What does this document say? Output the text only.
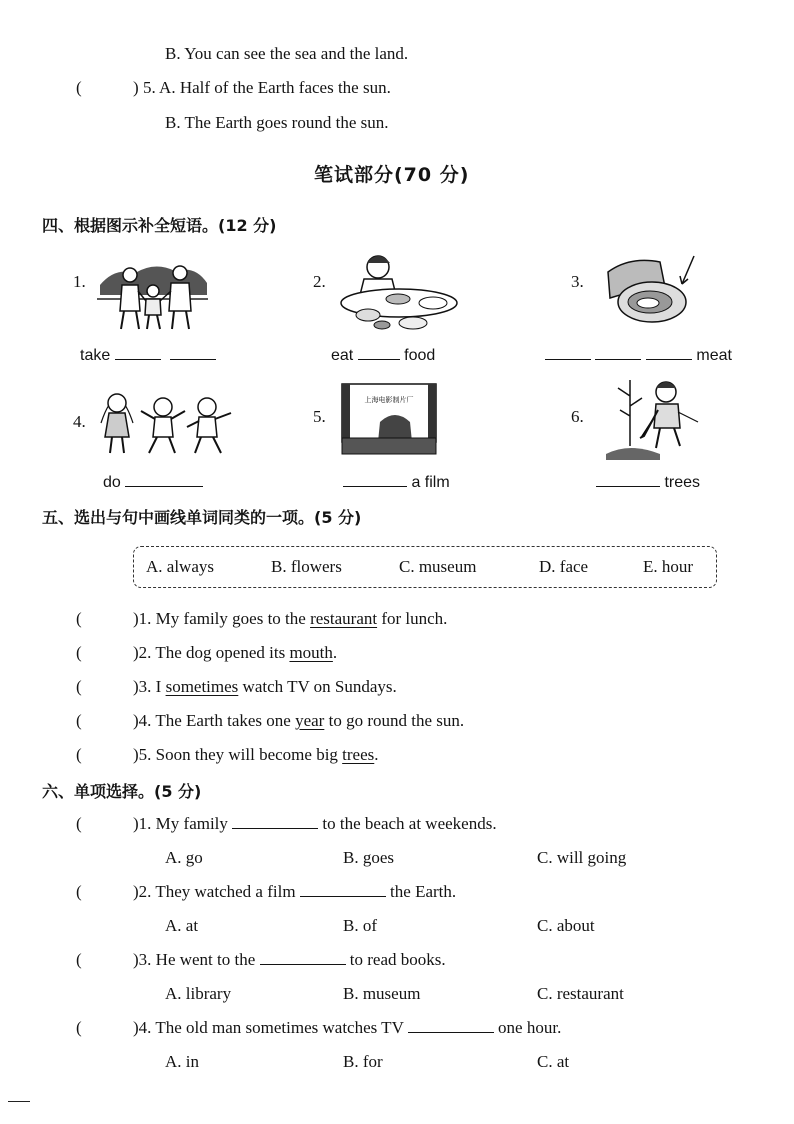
B. You can see the sea and the land.
(	) 5. A. Half of the Earth faces the sun.
B. The Earth goes round the sun.
笔试部分(70 分)
四、根据图示补全短语。(12 分)
1.	2.	3.
take	eat	food	meat
4.	5.	6.
上海电影制片厂
do	a film	trees
五、选出与句中画线单词同类的一项。(5 分)
A. always	B. flowers	C. museum	D. face	E. hour
(	)1. My family goes to the restaurant for lunch.
(	)2. The dog opened its mouth.
(	)3. I sometimes watch TV on Sundays.
(	)4. The Earth takes one year to go round the sun.
(	)5. Soon they will become big trees.
六、单项选择。(5 分)
(	)1. My family	to the beach at weekends.
A. go	B. goes	C. will going
(	)2. They watched a film	the Earth.
A. at	B. of	C. about
(	)3. He went to the	to read books.
A. library	B. museum	C. restaurant
(	)4. The old man sometimes watches TV	one hour.
A. in	B. for	C. at
